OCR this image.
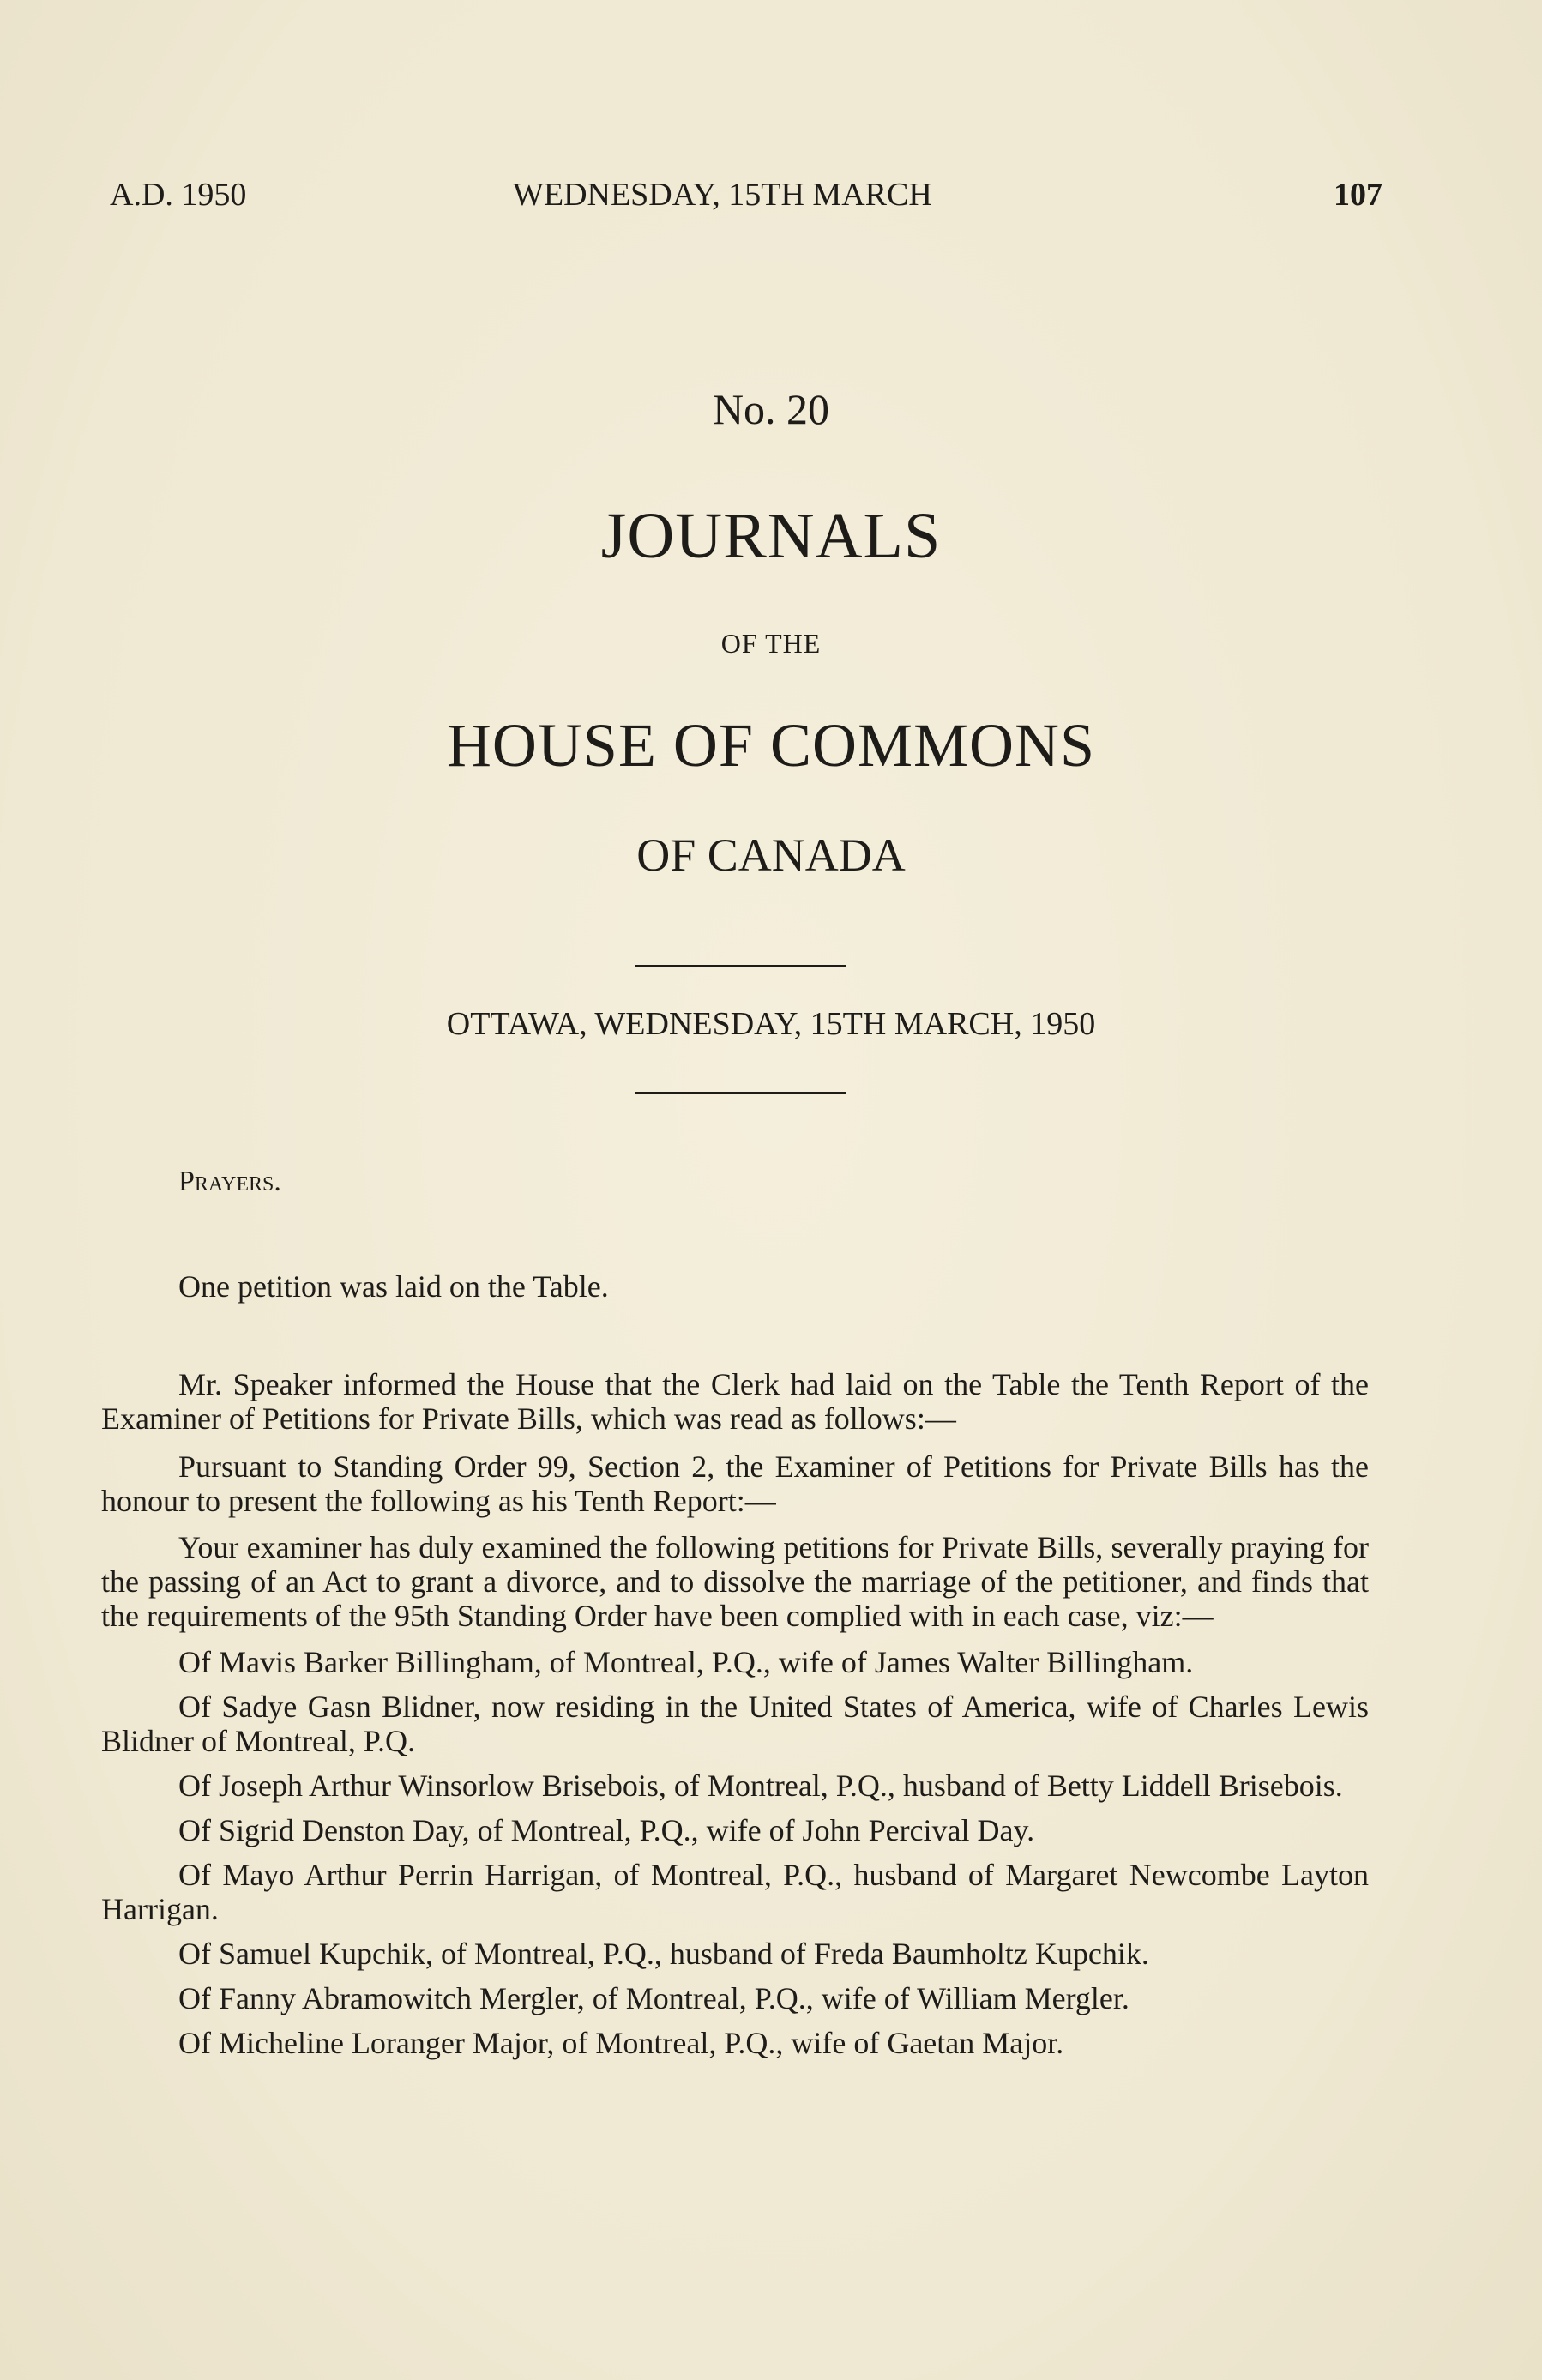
A.D. 1950	WEDNESDAY, 15TH MARCH	107
No. 20
JOURNALS
OF THE
HOUSE OF COMMONS
OF CANADA
OTTAWA, WEDNESDAY, 15TH MARCH, 1950

Prayers.

One petition was laid on the Table.

Mr. Speaker informed the House that the Clerk had laid on the Table the Tenth Report of the Examiner of Petitions for Private Bills, which was read as follows:—

Pursuant to Standing Order 99, Section 2, the Examiner of Petitions for Private Bills has the honour to present the following as his Tenth Report:—

Your examiner has duly examined the following petitions for Private Bills, severally praying for the passing of an Act to grant a divorce, and to dissolve the marriage of the petitioner, and finds that the requirements of the 95th Standing Order have been complied with in each case, viz:—

Of Mavis Barker Billingham, of Montreal, P.Q., wife of James Walter Billingham.

Of Sadye Gasn Blidner, now residing in the United States of America, wife of Charles Lewis Blidner of Montreal, P.Q.

Of Joseph Arthur Winsorlow Brisebois, of Montreal, P.Q., husband of Betty Liddell Brisebois.

Of Sigrid Denston Day, of Montreal, P.Q., wife of John Percival Day.

Of Mayo Arthur Perrin Harrigan, of Montreal, P.Q., husband of Margaret Newcombe Layton Harrigan.

Of Samuel Kupchik, of Montreal, P.Q., husband of Freda Baumholtz Kupchik.

Of Fanny Abramowitch Mergler, of Montreal, P.Q., wife of William Mergler.

Of Micheline Loranger Major, of Montreal, P.Q., wife of Gaetan Major.
